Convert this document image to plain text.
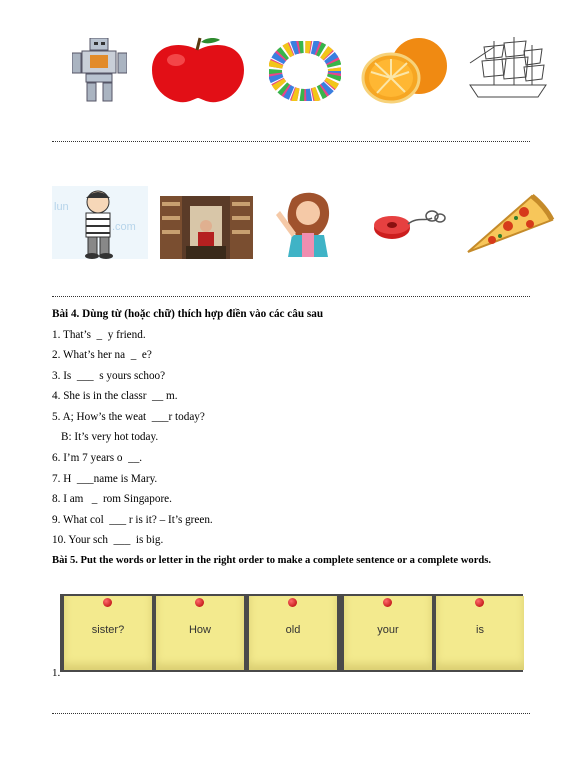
lun
.com
Bài 4. Dùng từ (hoặc chữ) thích hợp điền vào các câu sau
1. That’s  _  y friend.
2. What’s her na  _  e?
3. Is  ___  s yours schoo?
4. She is in the classr  __ m.
5. A; How’s the weat  ___r today?
B: It’s very hot today.
6. I’m 7 years o  __.
7. H  ___name is Mary.
8. I am   _  rom Singapore.
9. What col  ___ r is it? – It’s green.
10. Your sch  ___  is big.
Bài 5. Put the words or letter in the right order to make a complete sentence or a complete words.
sister?	How	old	your	is
1.
